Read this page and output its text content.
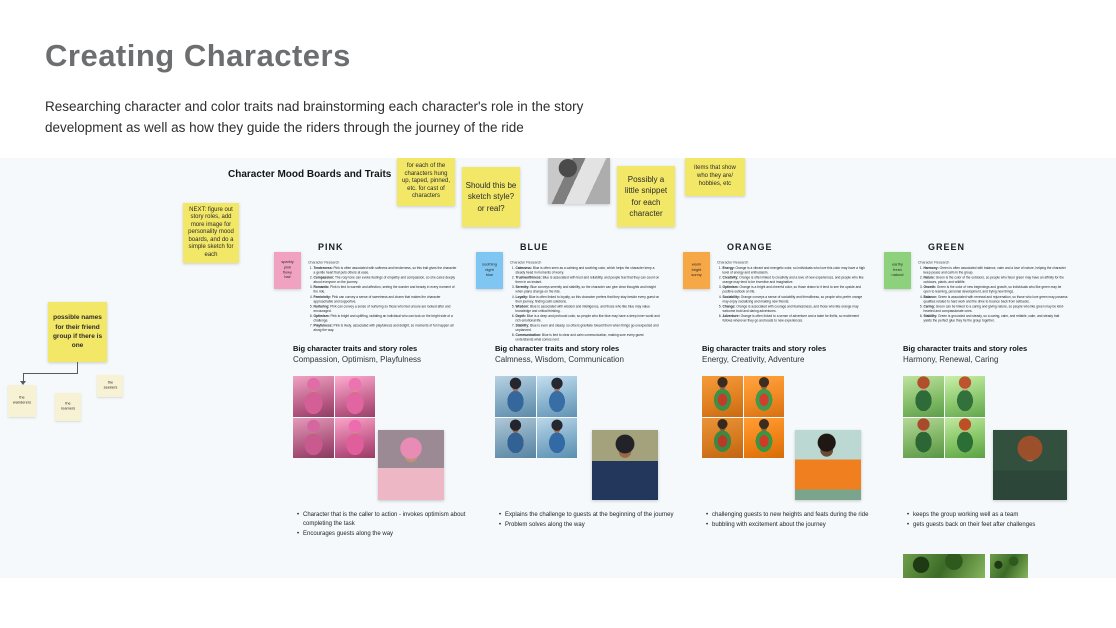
Creating Characters

Researching character and color traits nad brainstorming each character's role in the story development as well as how they guide the riders through the journey of the ride

Character Mood Boards and Traits
NEXT: figure out story roles, add more image for personality mood boards, and do a simple sketch for each
for each of the characters hung up, taped, pinned, etc. for cast of characters
Should this be sketch style? or real?
Possibly a little snippet for each character
items that show who they are/ hobbies, etc
possible names for their friend group if there is one
the wanderers	the roamers
the seekers
PINK
sparkly pink flowy hair
Character Research
1. Tenderness: Pink is often associated with softness and tenderness, so this trait gives the character a gentle heart that puts others at ease.
2. Compassion: The rosy tone can evoke feelings of empathy and compassion, so she cares deeply about everyone on the journey.
3. Romantic: Pink is tied to warmth and affection, seeing the wonder and beauty in every moment of the ride.
4. Femininity: Pink can convey a sense of sweetness and charm that makes the character approachable and supportive.
5. Nurturing: Pink can convey a sense of nurturing so those who feel unsure are looked after and encouraged.
6. Optimism: Pink is bright and uplifting, radiating an individual who can look on the bright side of a challenge.
7. Playfulness: Pink is lively, associated with playfulness and delight, so moments of fun happen all along the way.
Big character traits and story roles
Compassion, Optimism, Playfulness
• Character that is the caller to action - invokes optimism about completing the task
• Encourages guests along the way
BLUE
soothing night blue
Character Research
1. Calmness: Blue is often seen as a calming and soothing color, which helps the character keep a steady head in moments of worry.
2. Trustworthiness: Blue is associated with trust and reliability, and people feel that they can count on them in an instant.
3. Serenity: Blue conveys serenity and stability, so the character can give clear thoughts and insight when plans change on the ride.
4. Loyalty: Blue is often linked to loyalty, so this character prefers that they stay beside every guest on their journey, finding calm solutions.
5. Wisdom: Blue is associated with wisdom and intelligence, and those who like blue may value knowledge and critical thinking.
6. Depth: Blue is a deep and profound color, so people who like blue may have a deep inner world and rich emotional life.
7. Stability: Blue is even and steady, so others gravitate toward them when things go unexpected and unplanned.
8. Communication: Blue is tied to clear and calm communication, making sure every guest understands what comes next.
Big character traits and story roles
Calmness, Wisdom, Communication
• Explains the challenge to guests at the beginning of the journey
• Problem solves along the way
ORANGE
warm bright sunny
Character Research
1. Energy: Orange is a vibrant and energetic color, so individuals who love this color may have a high level of energy and enthusiasm.
2. Creativity: Orange is often linked to creativity and a love of new experiences, and people who like orange may tend to be inventive and imaginative.
3. Optimism: Orange is a bright and cheerful color, so those drawn to it tend to see the upside and positive outlook on life.
4. Sociability: Orange conveys a sense of sociability and friendliness, so people who prefer orange may enjoy socializing and making new friends.
5. Change: Orange is associated with courage and fearlessness, and those who like orange may welcome bold and daring adventures.
6. Adventure: Orange is often linked to a sense of adventure and a taste for thrills, so excitement follows wherever they go and leads to new experiences.
Big character traits and story roles
Energy, Creativity, Adventure
• challenging guests to new heights and feats during the ride
• bubbling with excitement about the journey
GREEN
earthy fresh natural
Character Research
1. Harmony: Green is often associated with balance, calm and a love of nature, helping the character keep peace and calm in the group.
2. Nature: Green is the color of the outdoors, so people who favor green may have an affinity for the outdoors, plants, and wildlife.
3. Growth: Green is the color of new beginnings and growth, so individuals who like green may be open to learning, personal development, and trying new things.
4. Balance: Green is associated with renewal and rejuvenation, so those who love green may possess qualities related to hard work and the drive to bounce back from setbacks.
5. Caring: Green can be linked to a caring and giving nature, so people who like green may be kind-hearted and compassionate ones.
6. Stability: Green is grounded and steady, so a caring, calm, and reliable, calm, and steady trait yields the perfect glue they tie the group together.
Big character traits and story roles
Harmony, Renewal, Caring
• keeps the group working well as a team
• gets guests back on their feet after challenges
